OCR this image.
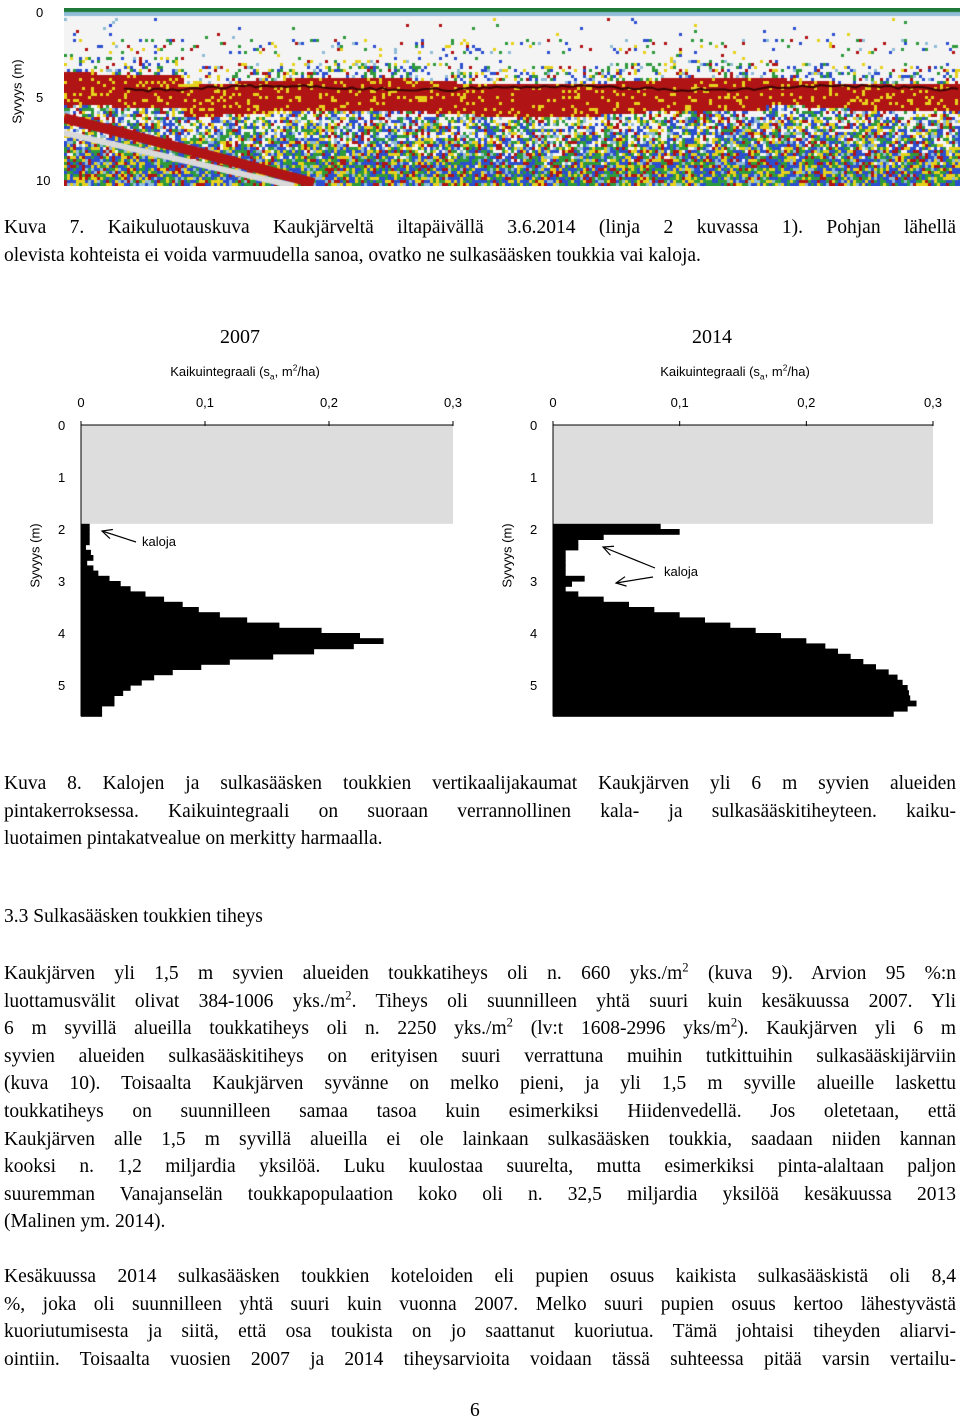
Syvyys (m)
0
5
10
Kuva 7. Kaikuluotauskuva Kaukjärveltä iltapäivällä 3.6.2014 (linja 2 kuvassa 1). Pohjan lähellä
olevista kohteista ei voida varmuudella sanoa, ovatko ne sulkasääsken toukkia vai kaloja.
2007
Kaikuintegraali ($s_a$, $m^2/ha$)
Syvyys (m)
0	0,1	0,2	0,3
0
1
2
3
4
5
kaloja
sulkasääsken toukkia
2014
Kaikuintegraali ($s_a$, $m^2/ha$)
Syvyys (m)
0	0,1	0,2	0,3
0
1
2
3
4
5
kaloja
sulkasääsken toukkia
Kuva 8. Kalojen ja sulkasääsken toukkien vertikaalijakaumat Kaukjärven yli 6 m syvien alueiden
pintakerroksessa. Kaikuintegraali on suoraan verrannollinen kala- ja sulkasääskitiheyteen. kaiku-
luotaimen pintakatvealue on merkitty harmaalla.
3.3 Sulkasääsken toukkien tiheys
Kaukjärven yli 1,5 m syvien alueiden toukkatiheys oli n. 660 $yks./m^2$ (kuva 9). Arvion 95 %:n
luottamusvälit olivat 384-1006 $yks./m^2$. Tiheys oli suunnilleen yhtä suuri kuin kesäkuussa 2007. Yli
6 m syvillä alueilla toukkatiheys oli n. 2250 $yks./m^2$ (lv:t 1608-2996 yks/$m^2$). Kaukjärven yli 6 m
syvien alueiden sulkasääskitiheys on erityisen suuri verrattuna muihin tutkittuihin sulkasääskijärviin
(kuva 10). Toisaalta Kaukjärven syvänne on melko pieni, ja yli 1,5 m syville alueille laskettu
toukkatiheys on suunnilleen samaa tasoa kuin esimerkiksi Hiidenvedellä. Jos oletetaan, että
Kaukjärven alle 1,5 m syvillä alueilla ei ole lainkaan sulkasääsken toukkia, saadaan niiden kannan
kooksi n. 1,2 miljardia yksilöä. Luku kuulostaa suurelta, mutta esimerkiksi pinta-alaltaan paljon
suuremman Vanajanselän toukkapopulaation koko oli n. 32,5 miljardia yksilöä kesäkuussa 2013
(Malinen ym. 2014).
Kesäkuussa 2014 sulkasääsken toukkien koteloiden eli pupien osuus kaikista sulkasääskistä oli 8,4
%, joka oli suunnilleen yhtä suuri kuin vuonna 2007. Melko suuri pupien osuus kertoo lähestyvästä
kuoriutumisesta ja siitä, että osa toukista on jo saattanut kuoriutua. Tämä johtaisi tiheyden aliarvi-
ointiin. Toisaalta vuosien 2007 ja 2014 tiheysarvioita voidaan tässä suhteessa pitää varsin vertailu-
6
